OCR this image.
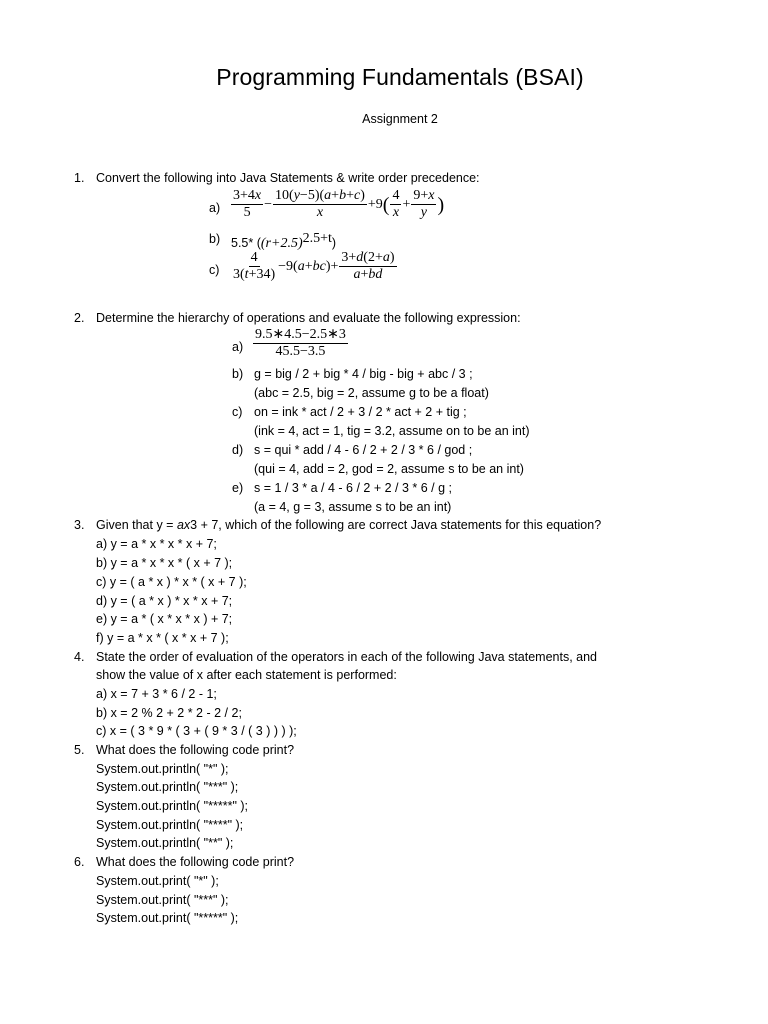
Programming Fundamentals (BSAI)
Assignment 2
1. Convert the following into Java Statements & write order precedence:
$a) \frac{3+4x}{5} - \frac{10(y-5)(a+b+c)}{x} +9$ ( $\frac{4}{x} + \frac{9+x}{y}$ )
b) 5.5* $((r+2.5)^{2.5+t})$
$c) \frac{4}{3(t+34)} -9(a+bc)+ \frac{3+d(2+a)}{a+bd}$
2. Determine the hierarchy of operations and evaluate the following expression:
$a) \frac{9.5∗4.5-2.5∗3}{45.5-3.5}$
b) g = big / 2 + big * 4 / big - big + abc / 3 ;
(abc = 2.5, big = 2, assume g to be a float)
c) on = ink * act / 2 + 3 / 2 * act + 2 + tig ;
(ink = 4, act = 1, tig = 3.2, assume on to be an int)
d) s = qui * add / 4 - 6 / 2 + 2 / 3 * 6 / god ;
(qui = 4, add = 2, god = 2, assume s to be an int)
e) s = 1 / 3 * a / 4 - 6 / 2 + 2 / 3 * 6 / g ;
(a = 4, g = 3, assume s to be an int)
3. Given that y = ax3 + 7, which of the following are correct Java statements for this equation?
a) y = a * x * x * x + 7;
b) y = a * x * x * ( x + 7 );
c) y = ( a * x ) * x * ( x + 7 );
d) y = ( a * x ) * x * x + 7;
e) y = a * ( x * x * x ) + 7;
f) y = a * x * ( x * x + 7 );
4. State the order of evaluation of the operators in each of the following Java statements, and
show the value of x after each statement is performed:
a) x = 7 + 3 * 6 / 2 - 1;
b) x = 2 % 2 + 2 * 2 - 2 / 2;
c) x = ( 3 * 9 * ( 3 + ( 9 * 3 / ( 3 ) ) ) );
5. What does the following code print?
System.out.println( "*" );
System.out.println( "***" );
System.out.println( "*****" );
System.out.println( "****" );
System.out.println( "**" );
6. What does the following code print?
System.out.print( "*" );
System.out.print( "***" );
System.out.print( "*****" );
